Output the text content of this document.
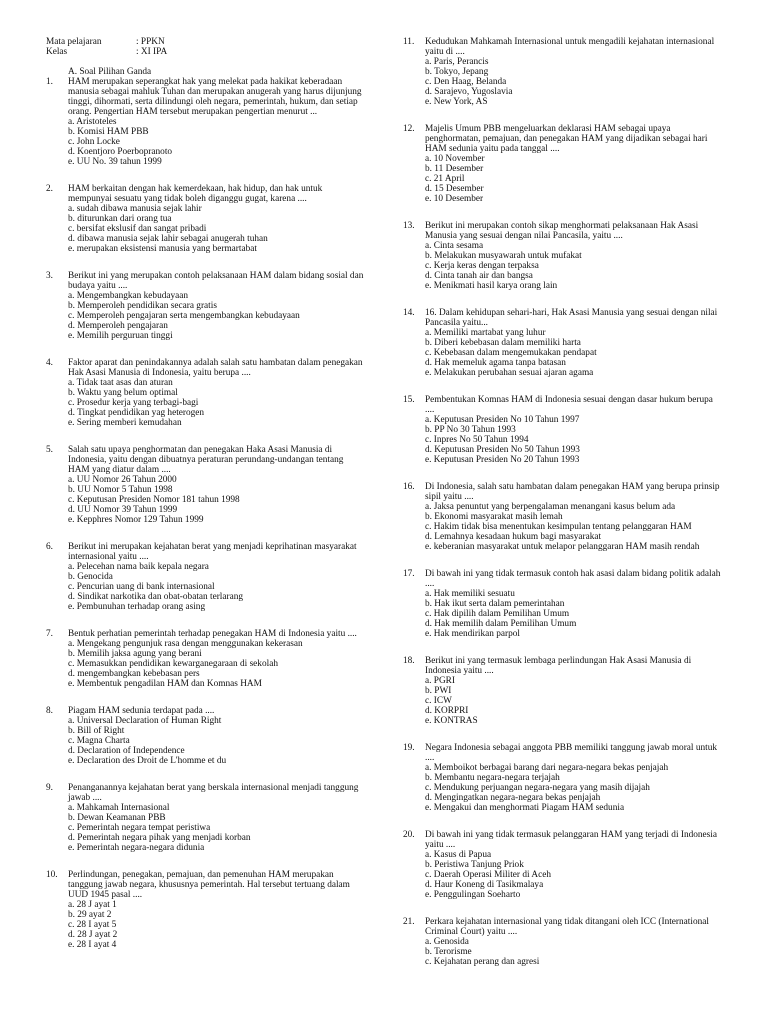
Mata pelajaran	: PPKN
Kelas	: XI IPA
A. Soal Pilihan Ganda
1. HAM merupakan seperangkat hak yang melekat pada hakikat keberadaan manusia sebagai mahluk Tuhan dan merupakan anugerah yang harus dijunjung tinggi, dihormati, serta dilindungi oleh negara, pemerintah, hukum, dan setiap orang. Pengertian HAM tersebut merupakan pengertian menurut ...
a. Aristoteles
b. Komisi HAM PBB
c. John Locke
d. Koentjoro Poerbopranoto
e. UU No. 39 tahun 1999
2. HAM berkaitan dengan hak kemerdekaan, hak hidup, dan hak untuk mempunyai sesuatu yang tidak boleh diganggu gugat, karena ....
a. sudah dibawa manusia sejak lahir
b. diturunkan dari orang tua
c. bersifat ekslusif dan sangat pribadi
d. dibawa manusia sejak lahir sebagai anugerah tuhan
e. merupakan eksistensi manusia yang bermartabat
3. Berikut ini yang merupakan contoh pelaksanaan HAM dalam bidang sosial dan budaya yaitu ....
a. Mengembangkan kebudayaan
b. Memperoleh pendidikan secara gratis
c. Memperoleh pengajaran serta mengembangkan kebudayaan
d. Memperoleh pengajaran
e. Memilih perguruan tinggi
4. Faktor aparat dan penindakannya adalah salah satu hambatan dalam penegakan Hak Asasi Manusia di Indonesia, yaitu berupa ....
a. Tidak taat asas dan aturan
b. Waktu yang belum optimal
c. Prosedur kerja yang terbagi-bagi
d. Tingkat pendidikan yag heterogen
e. Sering memberi kemudahan
5. Salah satu upaya penghormatan dan penegakan Haka Asasi Manusia di Indonesia, yaitu dengan dibuatnya peraturan perundang-undangan tentang HAM yang diatur dalam ....
a. UU Nomor 26 Tahun 2000
b. UU Nomor 5 Tahun 1998
c. Keputusan Presiden Nomor 181 tahun 1998
d. UU Nomor 39 Tahun 1999
e. Kepphres Nomor 129 Tahun 1999
6. Berikut ini merupakan kejahatan berat yang menjadi keprihatinan masyarakat internasional yaitu ....
a. Pelecehan nama baik kepala negara
b. Genocida
c. Pencurian uang di bank internasional
d. Sindikat narkotika dan obat-obatan terlarang
e. Pembunuhan terhadap orang asing
7. Bentuk perhatian pemerintah terhadap penegakan HAM di Indonesia yaitu ....
a. Mengekang pengunjuk rasa dengan menggunakan kekerasan
b. Memilih jaksa agung yang berani
c. Memasukkan pendidikan kewarganegaraan di sekolah
d. mengembangkan kebebasan pers
e. Membentuk pengadilan HAM dan Komnas HAM
8. Piagam HAM sedunia terdapat pada ....
a. Universal Declaration of Human Right
b. Bill of Right
c. Magna Charta
d. Declaration of Independence
e. Declaration des Droit de L'homme et du
9. Penanganannya kejahatan berat yang berskala internasional menjadi tanggung jawab ....
a. Mahkamah Internasional
b. Dewan Keamanan PBB
c. Pemerintah negara tempat peristiwa
d. Pemerintah negara pihak yang menjadi korban
e. Pemerintah negara-negara didunia
10. Perlindungan, penegakan, pemajuan, dan pemenuhan HAM merupakan tanggung jawab negara, khususnya pemerintah. Hal tersebut tertuang dalam UUD 1945 pasal ....
a. 28 J ayat 1
b. 29 ayat 2
c. 28 I ayat 5
d. 28 J ayat 2
e. 28 I ayat 4
11. Kedudukan Mahkamah Internasional untuk mengadili kejahatan internasional yaitu di ....
a. Paris, Perancis
b. Tokyo, Jepang
c. Den Haag, Belanda
d. Sarajevo, Yugoslavia
e. New York, AS
12. Majelis Umum PBB mengeluarkan deklarasi HAM sebagai upaya penghormatan, pemajuan, dan penegakan HAM yang dijadikan sebagai hari HAM sedunia yaitu pada tanggal ....
a. 10 November
b. 11 Desember
c. 21 April
d. 15 Desember
e. 10 Desember
13. Berikut ini merupakan contoh sikap menghormati pelaksanaan Hak Asasi Manusia yang sesuai dengan nilai Pancasila, yaitu ....
a. Cinta sesama
b. Melakukan musyawarah untuk mufakat
c. Kerja keras dengan terpaksa
d. Cinta tanah air dan bangsa
e. Menikmati hasil karya orang lain
14. 16. Dalam kehidupan sehari-hari, Hak Asasi Manusia yang sesuai dengan nilai Pancasila yaitu...
a. Memiliki martabat yang luhur
b. Diberi kebebasan dalam memiliki harta
c. Kebebasan dalam mengemukakan pendapat
d. Hak memeluk agama tanpa batasan
e. Melakukan perubahan sesuai ajaran agama
15. Pembentukan Komnas HAM di Indonesia sesuai dengan dasar hukum berupa ....
a. Keputusan Presiden No 10 Tahun 1997
b. PP No 30 Tahun 1993
c. Inpres No 50 Tahun 1994
d. Keputusan Presiden No 50 Tahun 1993
e. Keputusan Presiden No 20 Tahun 1993
16. Di Indonesia, salah satu hambatan dalam penegakan HAM yang berupa prinsip sipil yaitu ....
a. Jaksa penuntut yang berpengalaman menangani kasus belum ada
b. Ekonomi masyarakat masih lemah
c. Hakim tidak bisa menentukan kesimpulan tentang pelanggaran HAM
d. Lemahnya kesadaan hukum bagi masyarakat
e. keberanian masyarakat untuk melapor pelanggaran HAM masih rendah
17. Di bawah ini yang tidak termasuk contoh hak asasi dalam bidang politik adalah ....
a. Hak memiliki sesuatu
b. Hak ikut serta dalam pemerintahan
c. Hak dipilih dalam Pemilihan Umum
d. Hak memilih dalam Pemilihan Umum
e. Hak mendirikan parpol
18. Berikut ini yang termasuk lembaga perlindungan Hak Asasi Manusia di Indonesia yaitu ....
a. PGRI
b. PWI
c. ICW
d. KORPRI
e. KONTRAS
19. Negara Indonesia sebagai anggota PBB memiliki tanggung jawab moral untuk ....
a. Memboikot berbagai barang dari negara-negara bekas penjajah
b. Membantu negara-negara terjajah
c. Mendukung perjuangan negara-negara yang masih dijajah
d. Mengingatkan negara-negara bekas penjajah
e. Mengakui dan menghormati Piagam HAM sedunia
20. Di bawah ini yang tidak termasuk pelanggaran HAM yang terjadi di Indonesia yaitu ....
a. Kasus di Papua
b. Peristiwa Tanjung Priok
c. Daerah Operasi Militer di Aceh
d. Haur Koneng di Tasikmalaya
e. Penggulingan Soeharto
21. Perkara kejahatan internasional yang tidak ditangani oleh ICC (International Criminal Court) yaitu ....
a. Genosida
b. Terorisme
c. Kejahatan perang dan agresi
